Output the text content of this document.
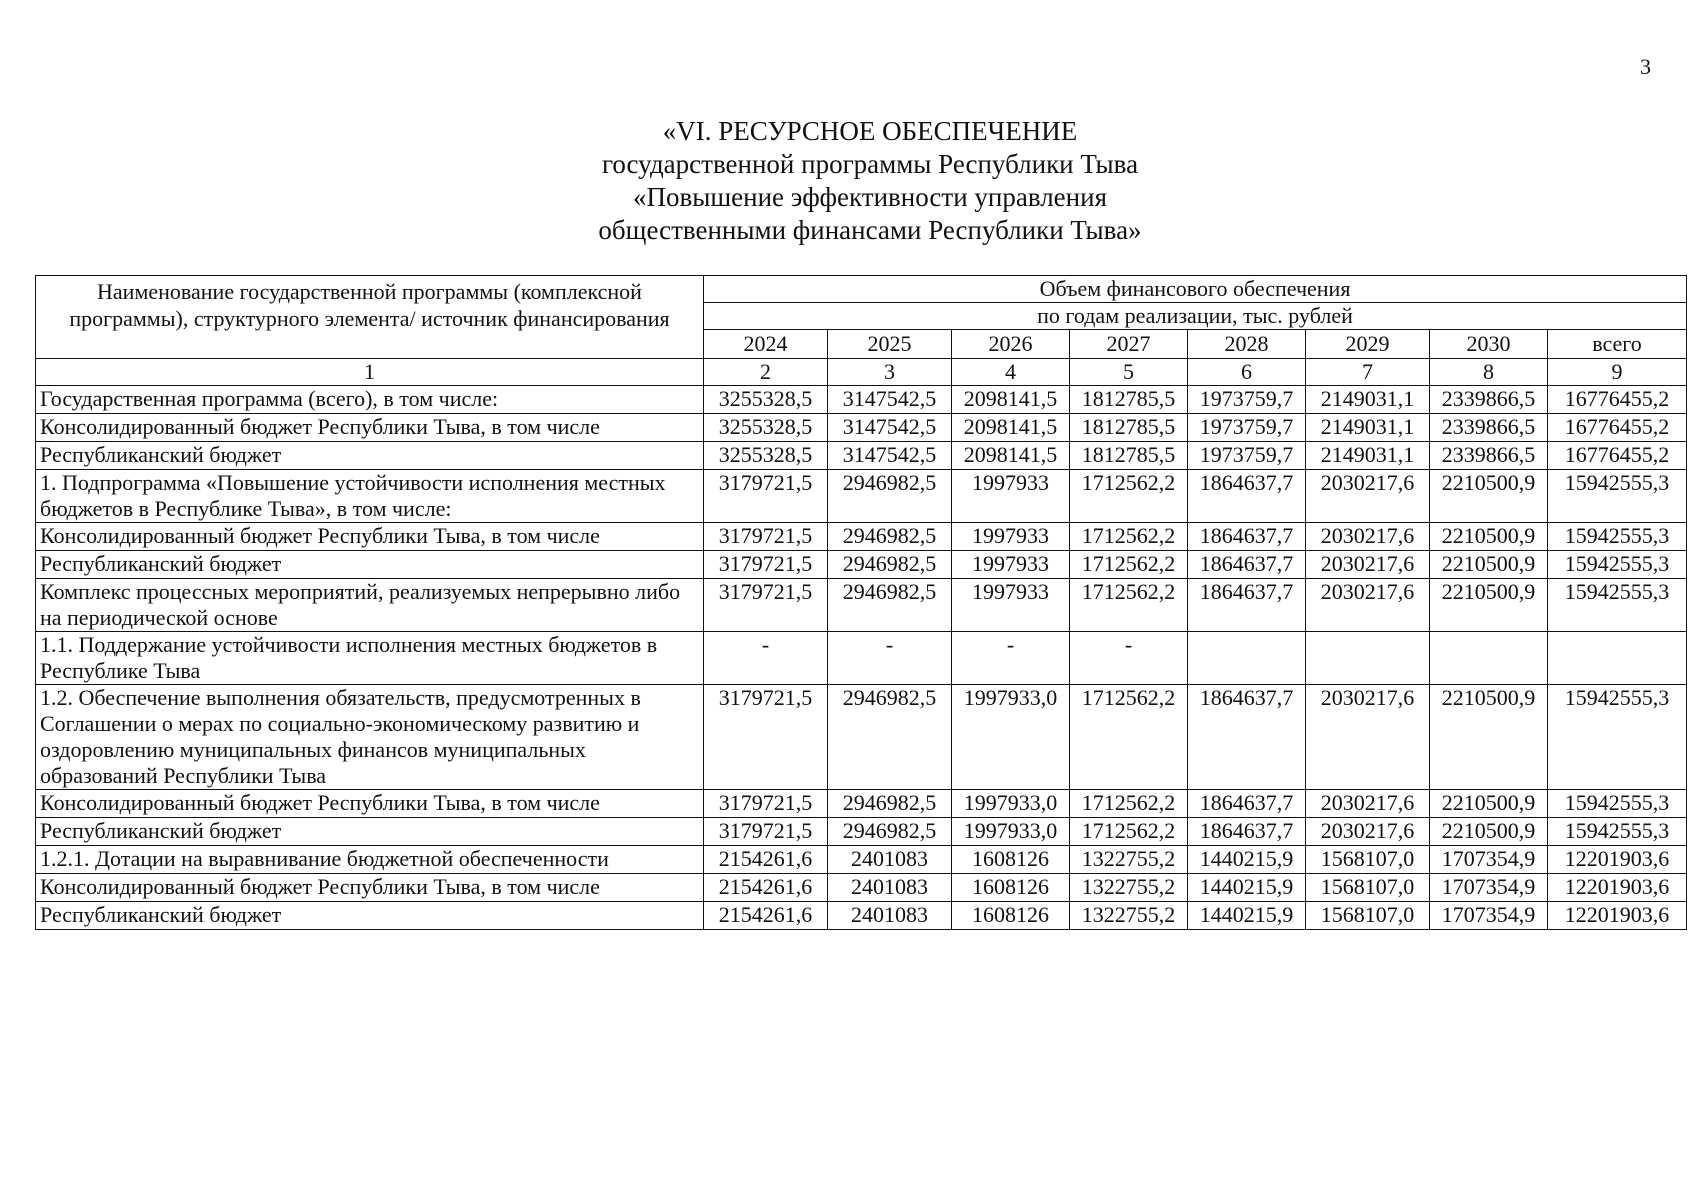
3
«VI. РЕСУРСНОЕ ОБЕСПЕЧЕНИЕ
государственной программы Республики Тыва
«Повышение эффективности управления
общественными финансами Республики Тыва»
Наименование государственной программы (комплексной программы), структурного элемента/ источник финансирования	Объем финансового обеспечения							
	по годам реализации, тыс. рублей							
	2024	2025	2026	2027	2028	2029	2030	всего
1	2	3	4	5	6	7	8	9
Государственная программа (всего), в том числе:	3255328,5	3147542,5	2098141,5	1812785,5	1973759,7	2149031,1	2339866,5	16776455,2
Консолидированный бюджет Республики Тыва, в том числе	3255328,5	3147542,5	2098141,5	1812785,5	1973759,7	2149031,1	2339866,5	16776455,2
Республиканский бюджет	3255328,5	3147542,5	2098141,5	1812785,5	1973759,7	2149031,1	2339866,5	16776455,2
1. Подпрограмма «Повышение устойчивости исполнения местных бюджетов в Республике Тыва», в том числе:	3179721,5	2946982,5	1997933	1712562,2	1864637,7	2030217,6	2210500,9	15942555,3
Консолидированный бюджет Республики Тыва, в том числе	3179721,5	2946982,5	1997933	1712562,2	1864637,7	2030217,6	2210500,9	15942555,3
Республиканский бюджет	3179721,5	2946982,5	1997933	1712562,2	1864637,7	2030217,6	2210500,9	15942555,3
Комплекс процессных мероприятий, реализуемых непрерывно либо на периодической основе	3179721,5	2946982,5	1997933	1712562,2	1864637,7	2030217,6	2210500,9	15942555,3
1.1. Поддержание устойчивости исполнения местных бюджетов в Республике Тыва	-	-	-	-				
1.2. Обеспечение выполнения обязательств, предусмотренных в Соглашении о мерах по социально-экономическому развитию и оздоровлению муниципальных финансов муниципальных образований Республики Тыва	3179721,5	2946982,5	1997933,0	1712562,2	1864637,7	2030217,6	2210500,9	15942555,3
Консолидированный бюджет Республики Тыва, в том числе	3179721,5	2946982,5	1997933,0	1712562,2	1864637,7	2030217,6	2210500,9	15942555,3
Республиканский бюджет	3179721,5	2946982,5	1997933,0	1712562,2	1864637,7	2030217,6	2210500,9	15942555,3
1.2.1. Дотации на выравнивание бюджетной обеспеченности	2154261,6	2401083	1608126	1322755,2	1440215,9	1568107,0	1707354,9	12201903,6
Консолидированный бюджет Республики Тыва, в том числе	2154261,6	2401083	1608126	1322755,2	1440215,9	1568107,0	1707354,9	12201903,6
Республиканский бюджет	2154261,6	2401083	1608126	1322755,2	1440215,9	1568107,0	1707354,9	12201903,6
